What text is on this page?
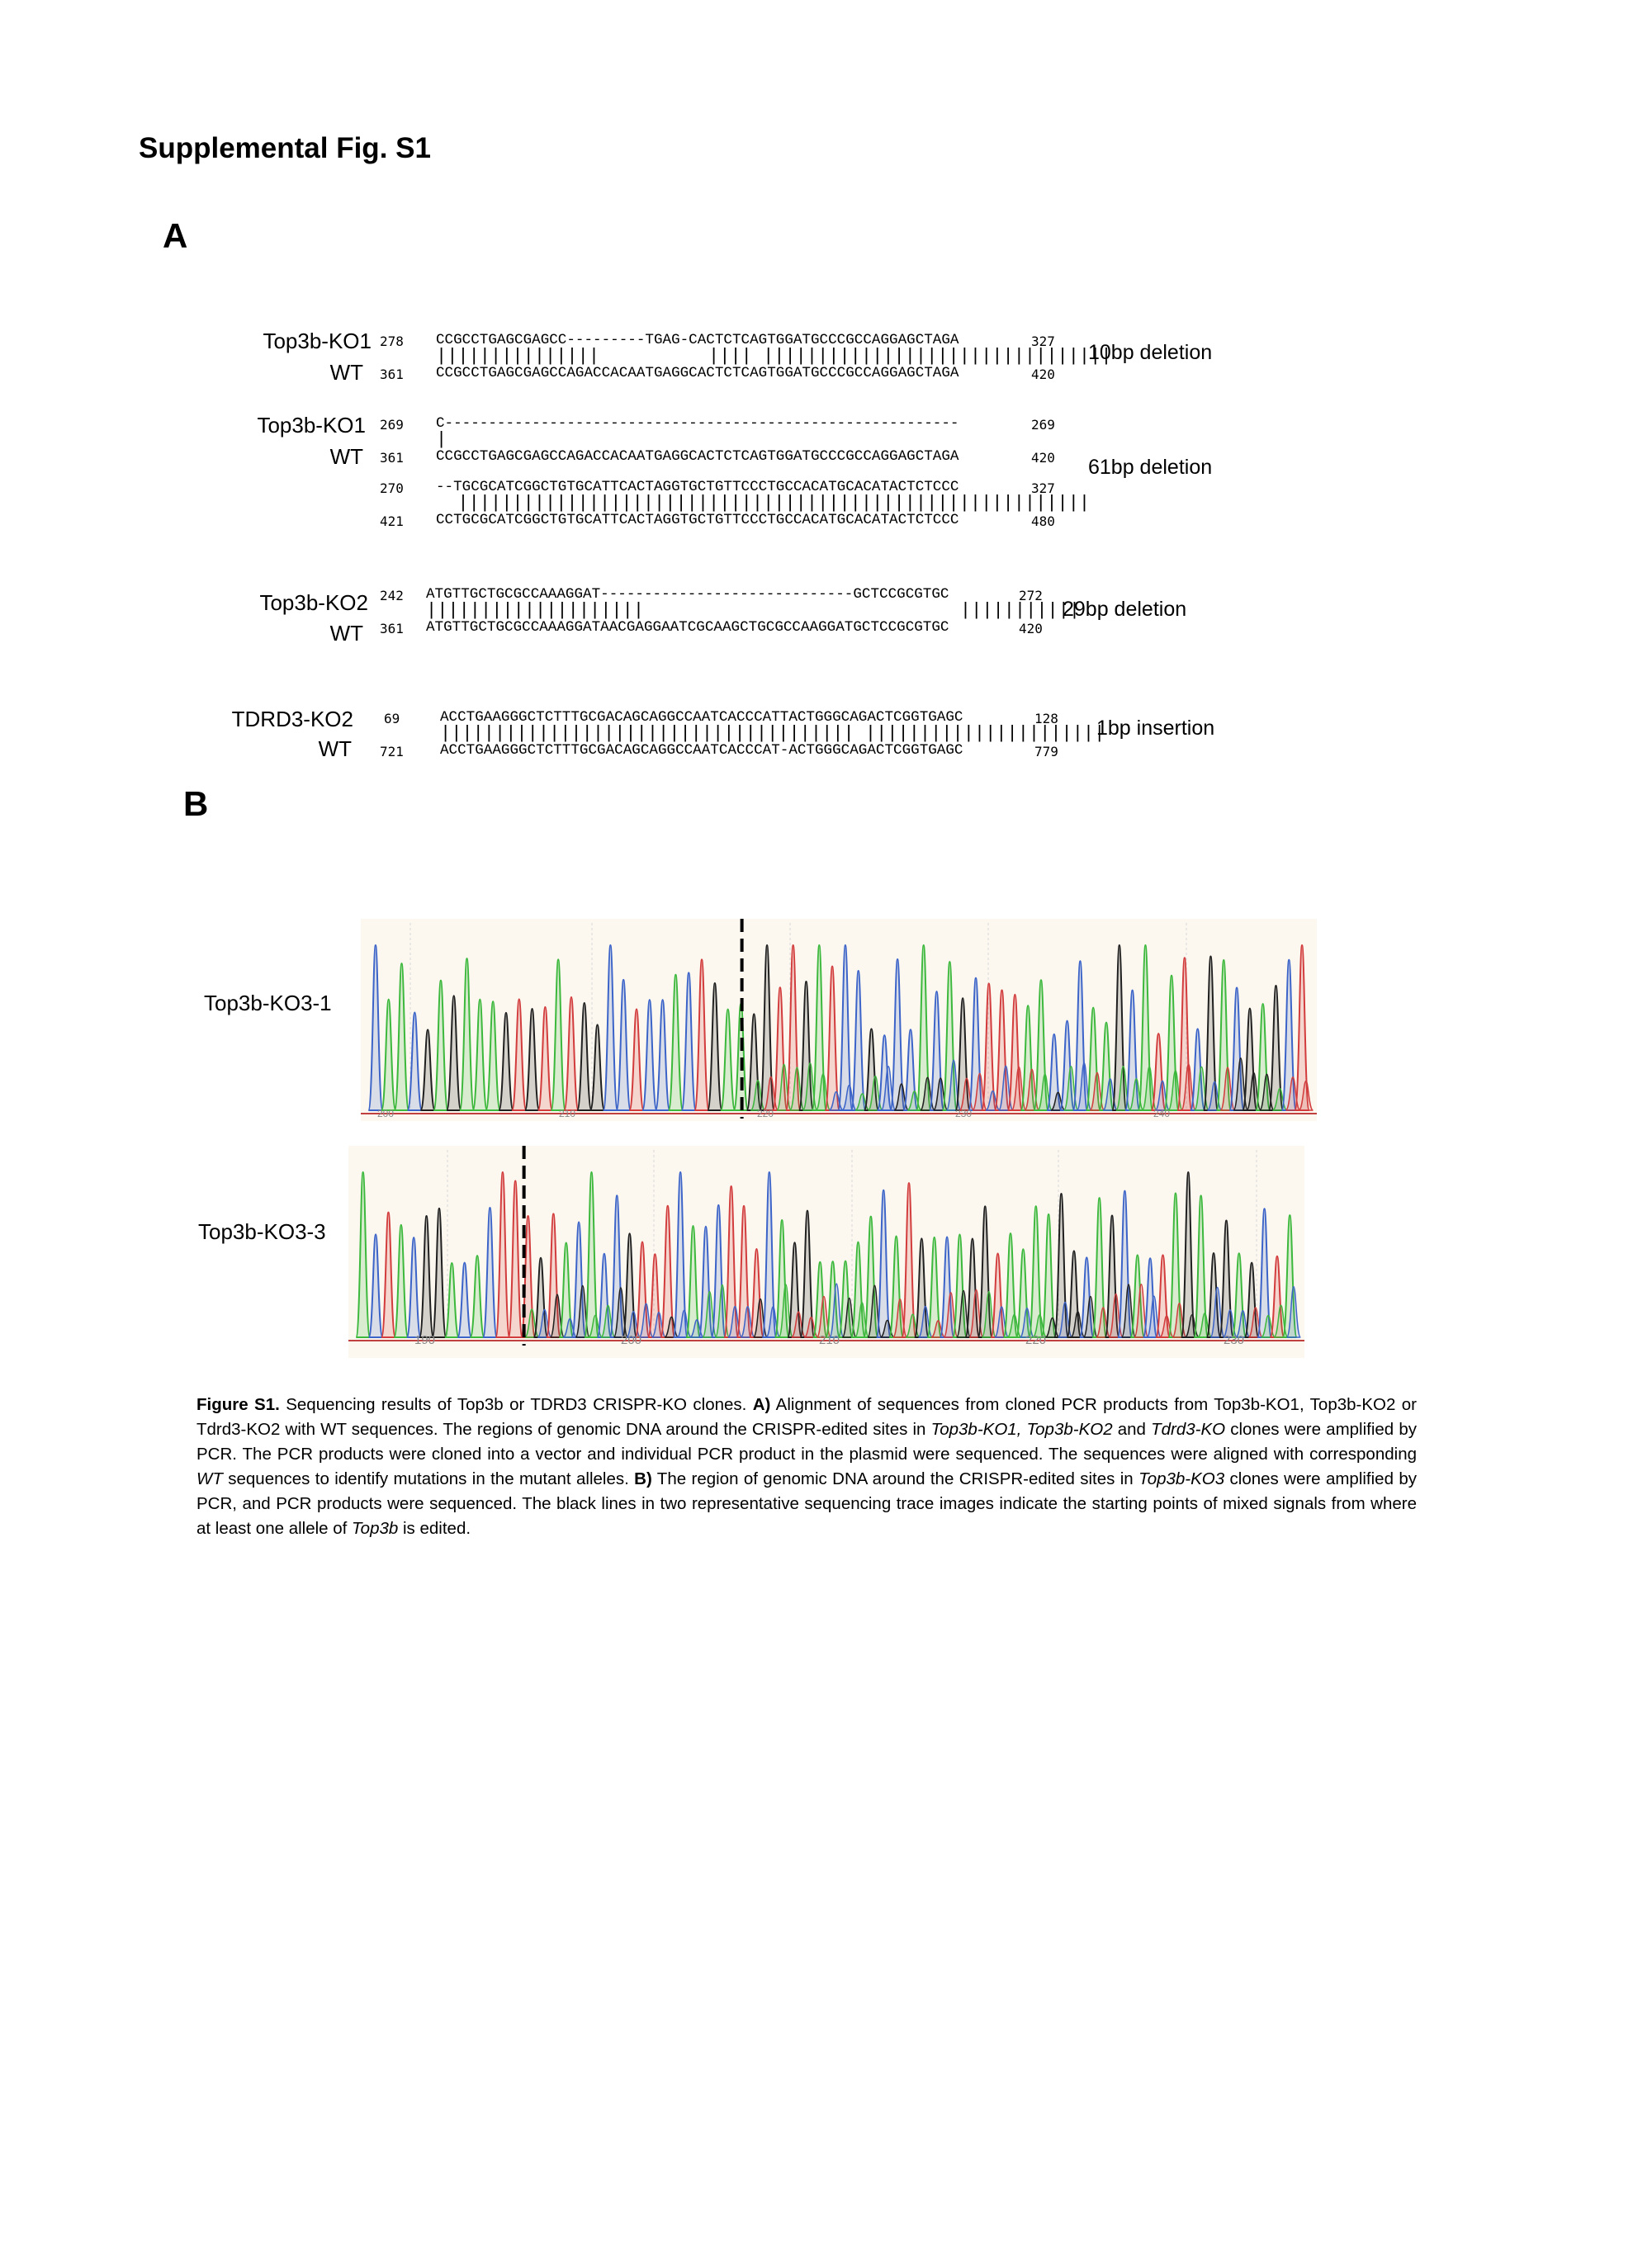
Supplemental Fig. S1
A
B
Top3b-KO1
WT
278 CCGCCTGAGCGAGCC---------TGAG-CACTCTCAGTGGATGCCCGCCAGGAGCTAGA	327
|||||||||||||||          |||| ||||||||||||||||||||||||||||||||
361 CCGCCTGAGCGAGCCAGACCACAATGAGGCACTCTCAGTGGATGCCCGCCAGGAGCTAGA	420
10bp deletion
Top3b-KO1
WT
269 C-----------------------------------------------------------	269
|
361 CCGCCTGAGCGAGCCAGACCACAATGAGGCACTCTCAGTGGATGCCCGCCAGGAGCTAGA	420
270 --TGCGCATCGGCTGTGCATTCACTAGGTGCTGTTCCCTGCCACATGCACATACTCTCCC	327
||||||||||||||||||||||||||||||||||||||||||||||||||||||||||
421 CCTGCGCATCGGCTGTGCATTCACTAGGTGCTGTTCCCTGCCACATGCACATACTCTCCC	480
61bp deletion
Top3b-KO2
WT
242 ATGTTGCTGCGCCAAAGGAT-----------------------------GCTCCGCGTGC	272
||||||||||||||||||||                             |||||||||||
361 ATGTTGCTGCGCCAAAGGATAACGAGGAATCGCAAGCTGCGCCAAGGATGCTCCGCGTGC	420
29bp deletion
TDRD3-KO2
WT
69	ACCTGAAGGGCTCTTTGCGACAGCAGGCCAATCACCCATTACTGGGCAGACTCGGTGAGC	128
|||||||||||||||||||||||||||||||||||||| ||||||||||||||||||||||
721	ACCTGAAGGGCTCTTTGCGACAGCAGGCCAATCACCCAT-ACTGGGCAGACTCGGTGAGC	779
1bp insertion
Top3b-KO3-1
200	210	220	230	240
Top3b-KO3-3
190	200	210	220	230
Figure S1. Sequencing results of Top3b or TDRD3 CRISPR-KO clones. A) Alignment of sequences from cloned PCR products from Top3b-KO1, Top3b-KO2 or Tdrd3-KO2 with WT sequences. The regions of genomic DNA around the CRISPR-edited sites in Top3b-KO1, Top3b-KO2 and Tdrd3-KO clones were amplified by PCR. The PCR products were cloned into a vector and individual PCR product in the plasmid were sequenced. The sequences were aligned with corresponding WT sequences to identify mutations in the mutant alleles. B) The region of genomic DNA around the CRISPR-edited sites in Top3b-KO3 clones were amplified by PCR, and PCR products were sequenced. The black lines in two representative sequencing trace images indicate the starting points of mixed signals from where at least one allele of Top3b is edited.
